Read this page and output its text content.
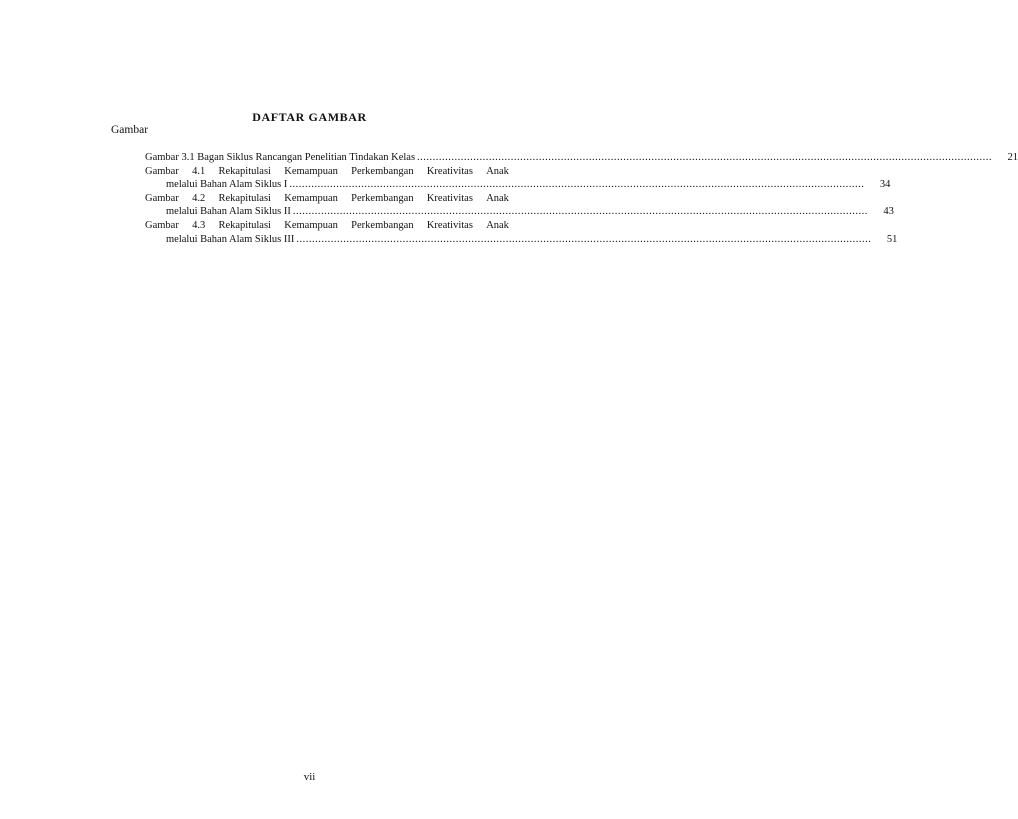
DAFTAR GAMBAR
Gambar
Gambar 3.1 Bagan Siklus Rancangan Penelitian Tindakan Kelas .....	21
Gambar 4.1 Rekapitulasi Kemampuan Perkembangan Kreativitas Anak
melalui Bahan Alam Siklus I .....	34
Gambar 4.2 Rekapitulasi Kemampuan Perkembangan Kreativitas Anak
melalui Bahan Alam Siklus II .....	43
Gambar 4.3 Rekapitulasi Kemampuan Perkembangan Kreativitas Anak
melalui Bahan Alam Siklus III .....	51
vii
